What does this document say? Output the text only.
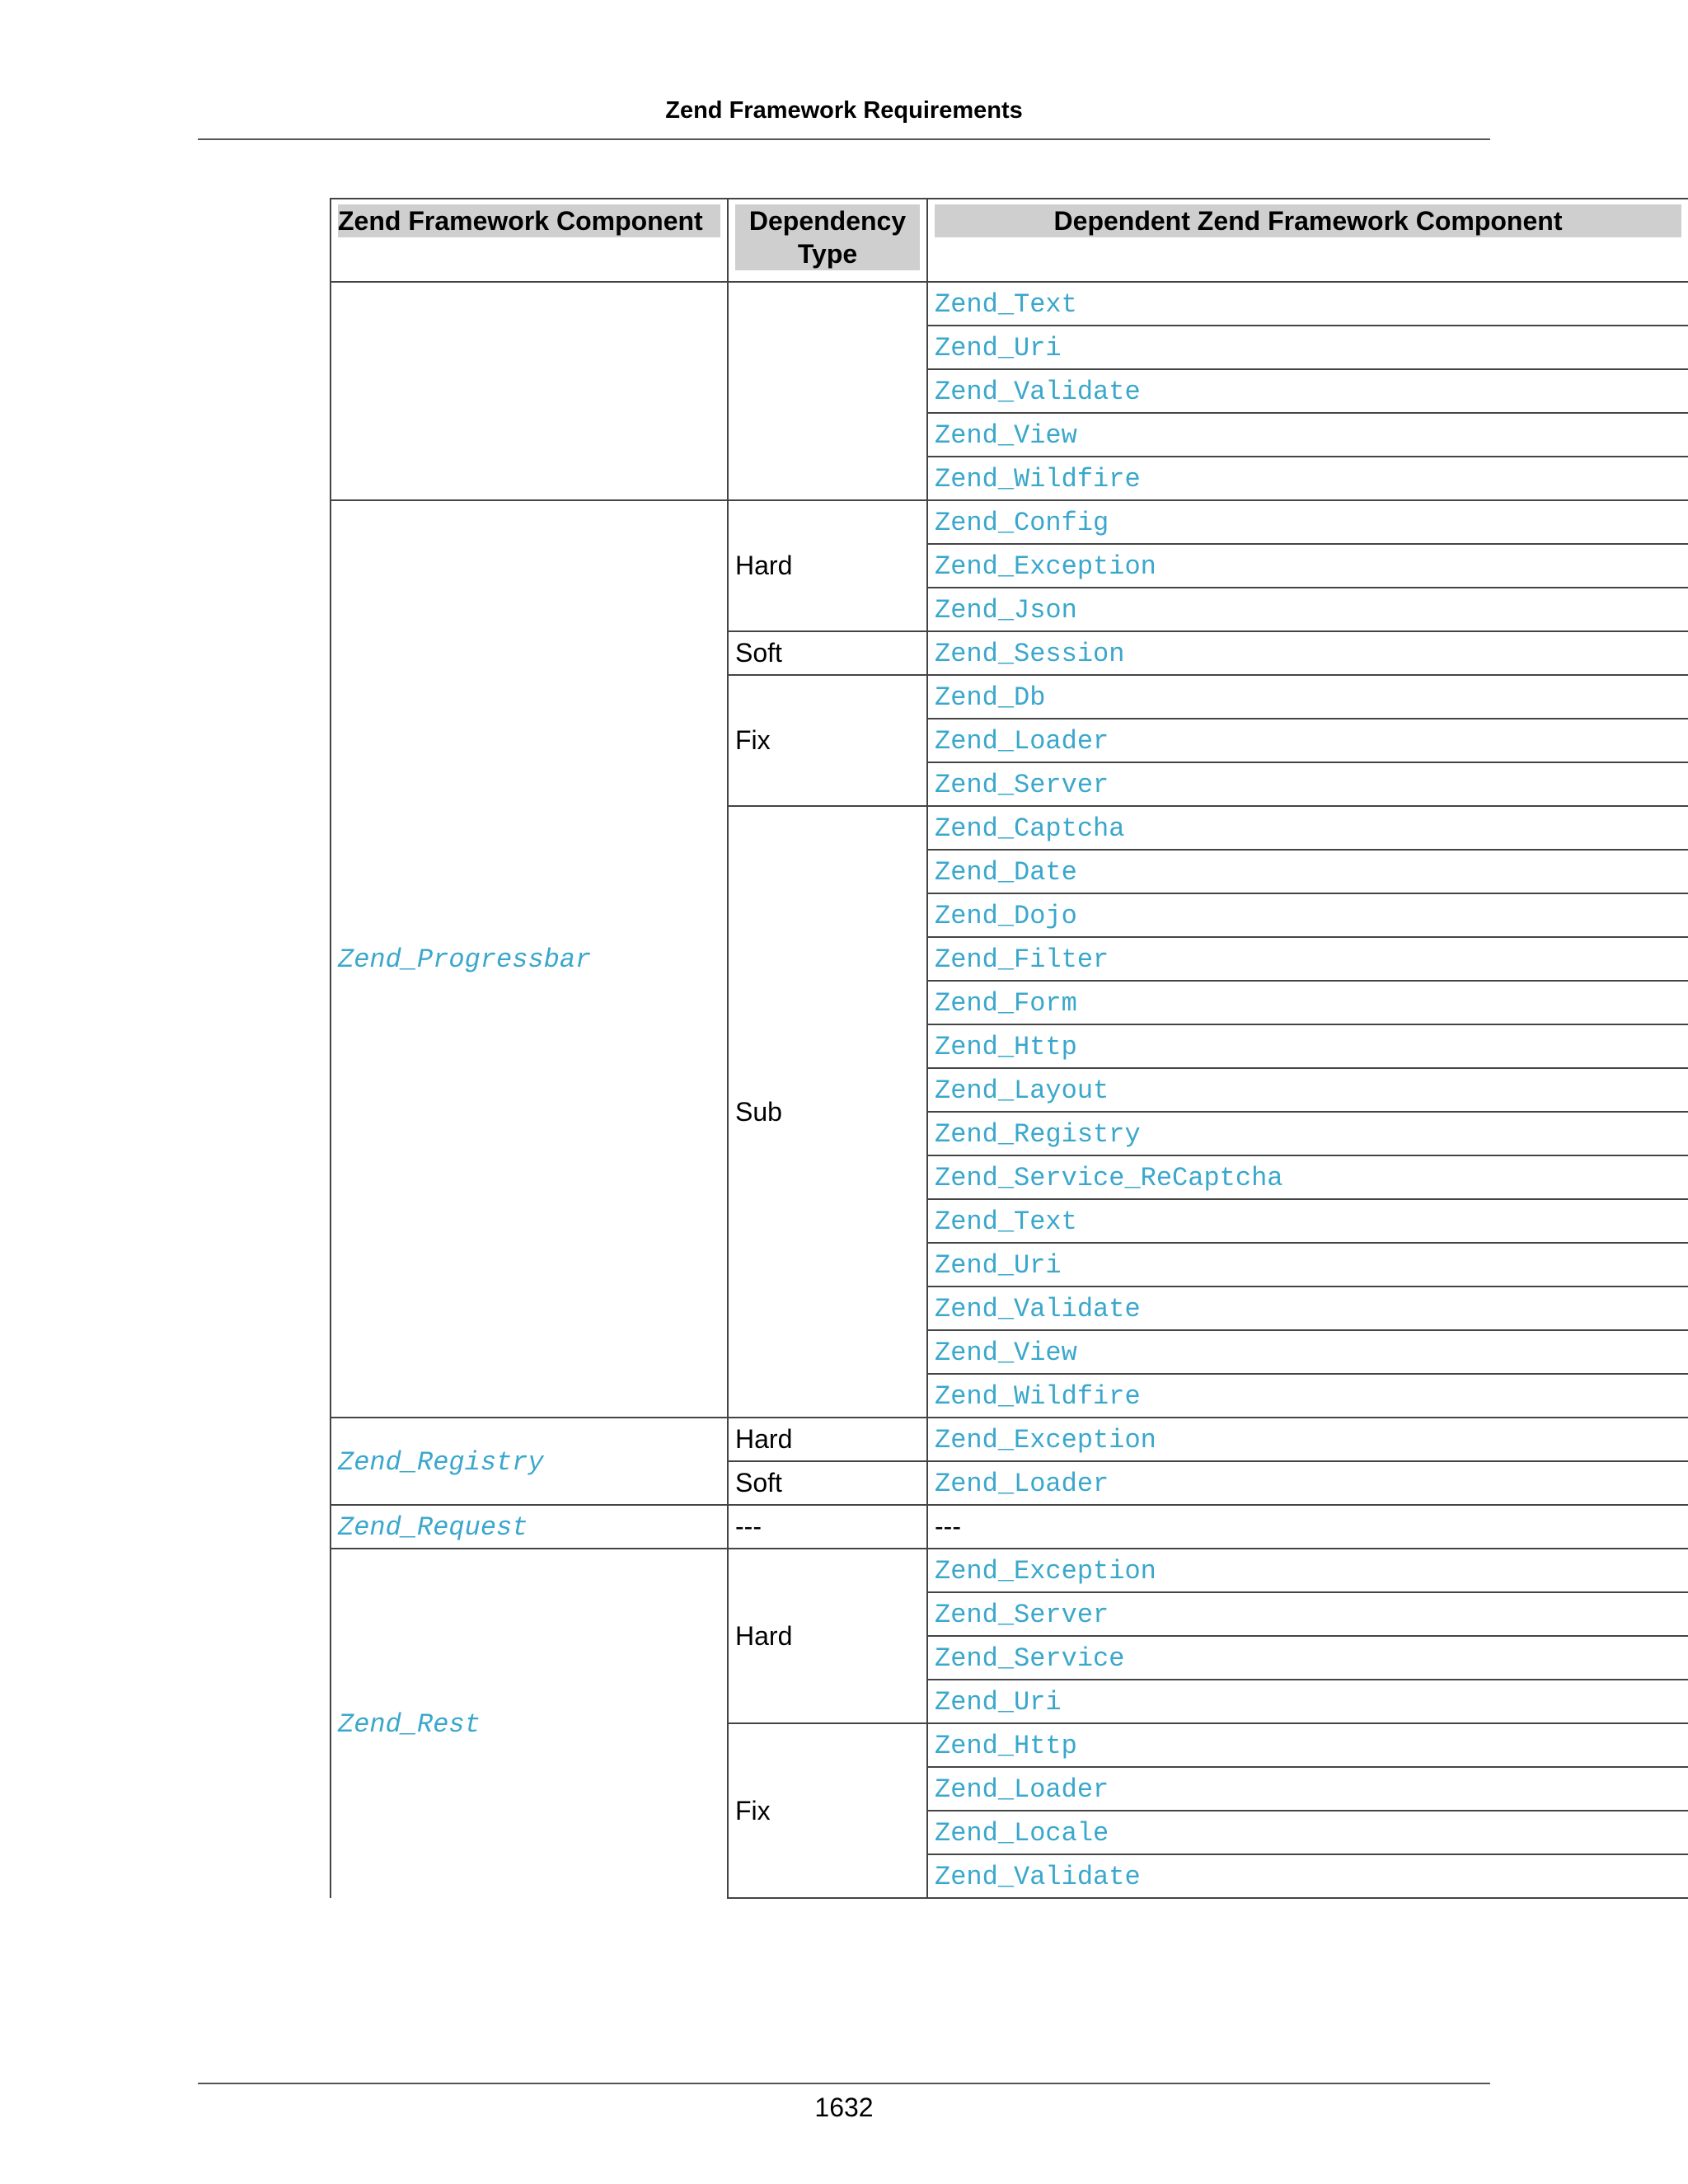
Zend Framework Requirements
Zend Framework Component	Dependency Type	Dependent Zend Framework Component

		Zend_Text
		Zend_Uri
		Zend_Validate
		Zend_View
		Zend_Wildfire
Zend_Progressbar	Hard	Zend_Config
		Zend_Exception
		Zend_Json
	Soft	Zend_Session
	Fix	Zend_Db
		Zend_Loader
		Zend_Server
	Sub	Zend_Captcha
		Zend_Date
		Zend_Dojo
		Zend_Filter
		Zend_Form
		Zend_Http
		Zend_Layout
		Zend_Registry
		Zend_Service_ReCaptcha
		Zend_Text
		Zend_Uri
		Zend_Validate
		Zend_View
		Zend_Wildfire
Zend_Registry	Hard	Zend_Exception
	Soft	Zend_Loader
Zend_Request	---	---
Zend_Rest	Hard	Zend_Exception
		Zend_Server
		Zend_Service
		Zend_Uri
	Fix	Zend_Http
		Zend_Loader
		Zend_Locale
		Zend_Validate
1632
